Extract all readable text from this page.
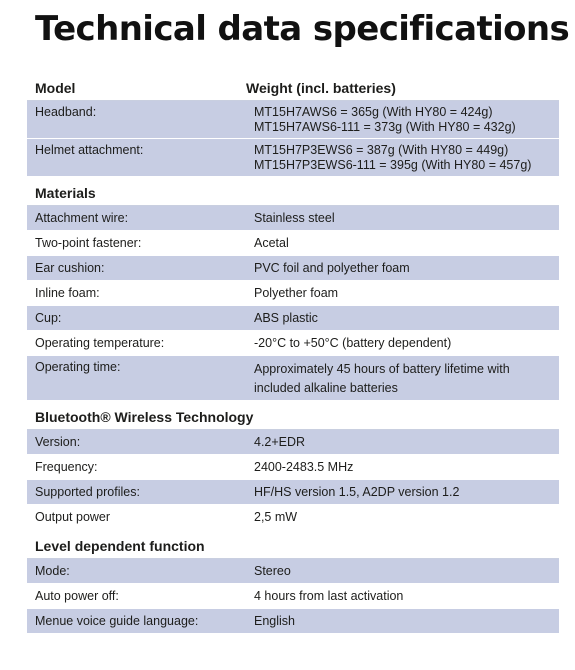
Technical data specifications
Model	Weight (incl. batteries)
Headband:	MT15H7AWS6 = 365g (With HY80 = 424g)
MT15H7AWS6-111 = 373g (With HY80 = 432g)
Helmet attachment:	MT15H7P3EWS6 = 387g (With HY80 = 449g)
MT15H7P3EWS6-111 = 395g (With HY80 = 457g)
Materials
Attachment wire:	Stainless steel
Two-point fastener:	Acetal
Ear cushion:	PVC foil and polyether foam
Inline foam:	Polyether foam
Cup:	ABS plastic
Operating temperature:	-20°C to +50°C (battery dependent)
Operating time:	Approximately 45 hours of battery lifetime with
included alkaline batteries
Bluetooth® Wireless Technology
Version:	4.2+EDR
Frequency:	2400-2483.5 MHz
Supported profiles:	HF/HS version 1.5, A2DP version 1.2
Output power	2,5 mW
Level dependent function
Mode:	Stereo
Auto power off:	4 hours from last activation
Menue voice guide language:	English
